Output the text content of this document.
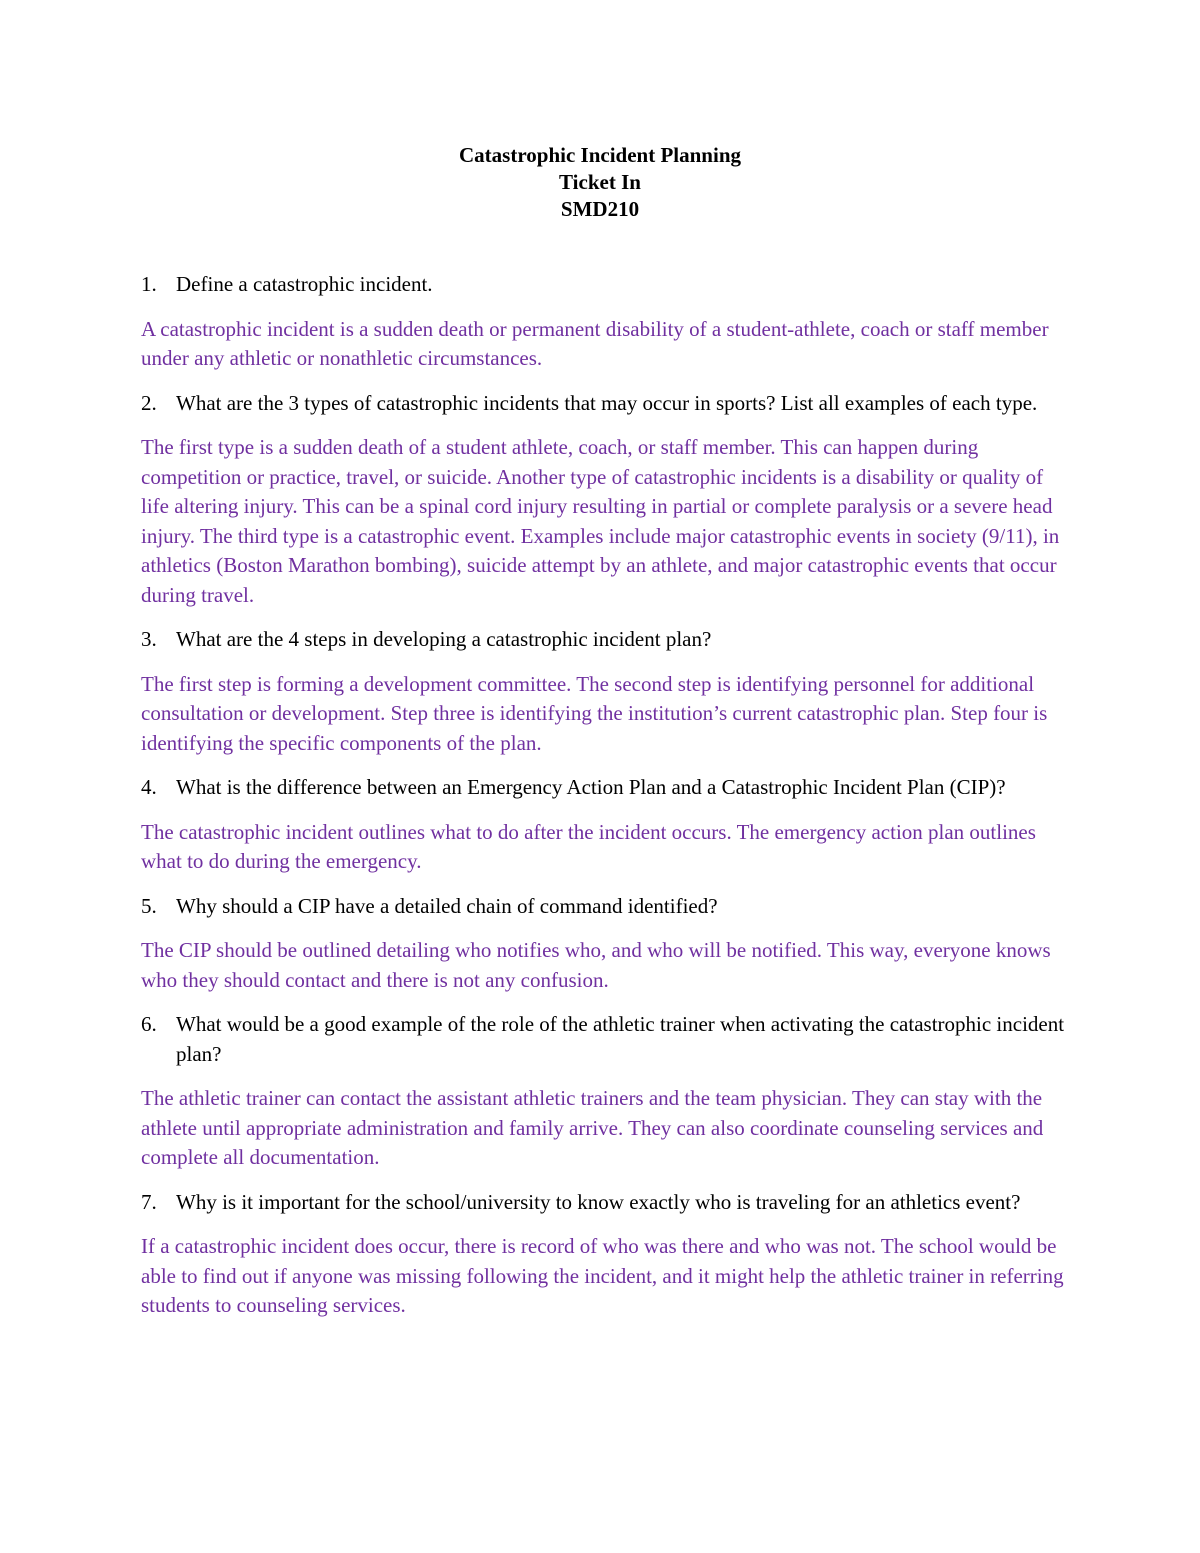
Catastrophic Incident Planning
Ticket In
SMD210
1. Define a catastrophic incident.
A catastrophic incident is a sudden death or permanent disability of a student-athlete, coach or staff member under any athletic or nonathletic circumstances.
2. What are the 3 types of catastrophic incidents that may occur in sports? List all examples of each type.
The first type is a sudden death of a student athlete, coach, or staff member. This can happen during competition or practice, travel, or suicide. Another type of catastrophic incidents is a disability or quality of life altering injury. This can be a spinal cord injury resulting in partial or complete paralysis or a severe head injury. The third type is a catastrophic event. Examples include major catastrophic events in society (9/11), in athletics (Boston Marathon bombing), suicide attempt by an athlete, and major catastrophic events that occur during travel.
3. What are the 4 steps in developing a catastrophic incident plan?
The first step is forming a development committee. The second step is identifying personnel for additional consultation or development. Step three is identifying the institution’s current catastrophic plan. Step four is identifying the specific components of the plan.
4. What is the difference between an Emergency Action Plan and a Catastrophic Incident Plan (CIP)?
The catastrophic incident outlines what to do after the incident occurs. The emergency action plan outlines what to do during the emergency.
5. Why should a CIP have a detailed chain of command identified?
The CIP should be outlined detailing who notifies who, and who will be notified. This way, everyone knows who they should contact and there is not any confusion.
6. What would be a good example of the role of the athletic trainer when activating the catastrophic incident plan?
The athletic trainer can contact the assistant athletic trainers and the team physician. They can stay with the athlete until appropriate administration and family arrive. They can also coordinate counseling services and complete all documentation.
7. Why is it important for the school/university to know exactly who is traveling for an athletics event?
If a catastrophic incident does occur, there is record of who was there and who was not. The school would be able to find out if anyone was missing following the incident, and it might help the athletic trainer in referring students to counseling services.
